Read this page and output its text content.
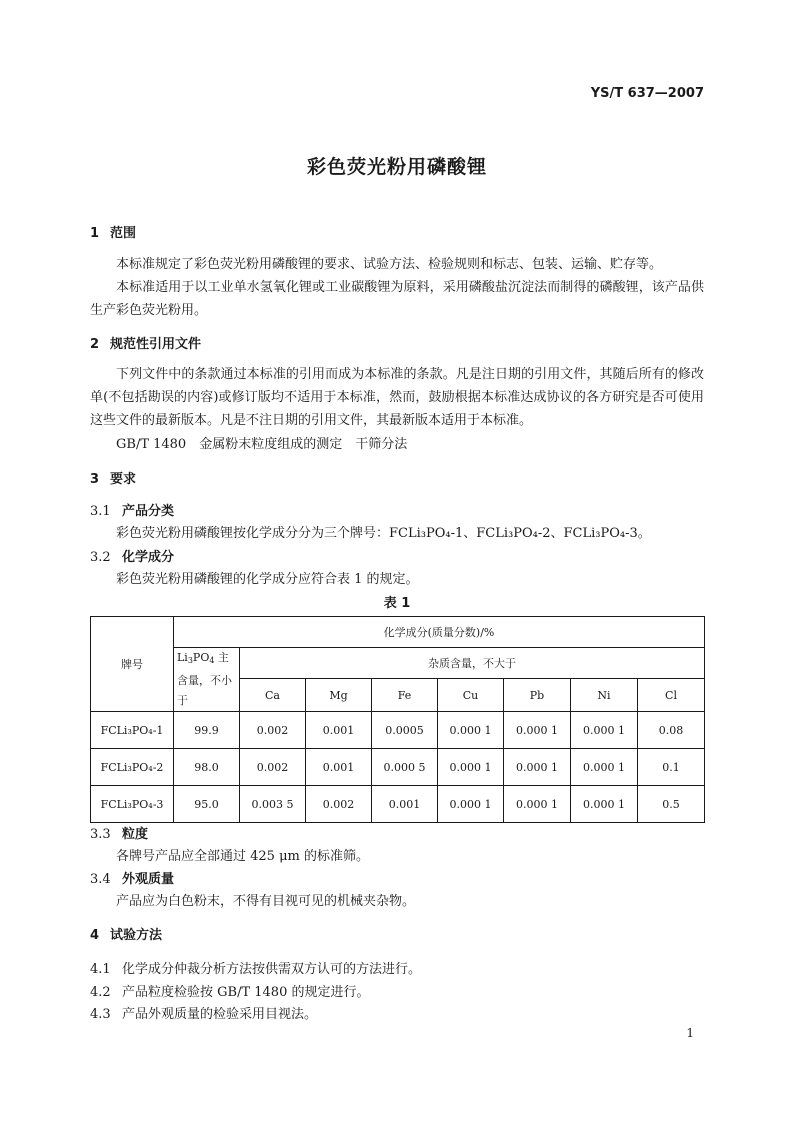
YS/T 637—2007
彩色荧光粉用磷酸锂
1 范围
本标准规定了彩色荧光粉用磷酸锂的要求、试验方法、检验规则和标志、包装、运输、贮存等。
本标准适用于以工业单水氢氧化锂或工业碳酸锂为原料，采用磷酸盐沉淀法而制得的磷酸锂，该产品供生产彩色荧光粉用。
2 规范性引用文件
下列文件中的条款通过本标准的引用而成为本标准的条款。凡是注日期的引用文件，其随后所有的修改单(不包括勘误的内容)或修订版均不适用于本标准，然而，鼓励根据本标准达成协议的各方研究是否可使用这些文件的最新版本。凡是不注日期的引用文件，其最新版本适用于本标准。
GB/T 1480　金属粉末粒度组成的测定　干筛分法
3 要求
3.1 产品分类
彩色荧光粉用磷酸锂按化学成分分为三个牌号：FCLi₃PO₄-1、FCLi₃PO₄-2、FCLi₃PO₄-3。
3.2 化学成分
彩色荧光粉用磷酸锂的化学成分应符合表 1 的规定。
表 1
牌号	化学成分(质量分数)/%							
	$Li_3PO_4$ 主含量，不小于	杂质含量，不大于						
		Ca	Mg	Fe	Cu	Pb	Ni	Cl
FCLi₃PO₄-1	99.9	0.002	0.001	0.0005	0.000 1	0.000 1	0.000 1	0.08
FCLi₃PO₄-2	98.0	0.002	0.001	0.000 5	0.000 1	0.000 1	0.000 1	0.1
FCLi₃PO₄-3	95.0	0.003 5	0.002	0.001	0.000 1	0.000 1	0.000 1	0.5
3.3 粒度
各牌号产品应全部通过 425 μm 的标准筛。
3.4 外观质量
产品应为白色粉末，不得有目视可见的机械夹杂物。
4 试验方法
4.1 化学成分仲裁分析方法按供需双方认可的方法进行。
4.2 产品粒度检验按 GB/T 1480 的规定进行。
4.3 产品外观质量的检验采用目视法。
1
